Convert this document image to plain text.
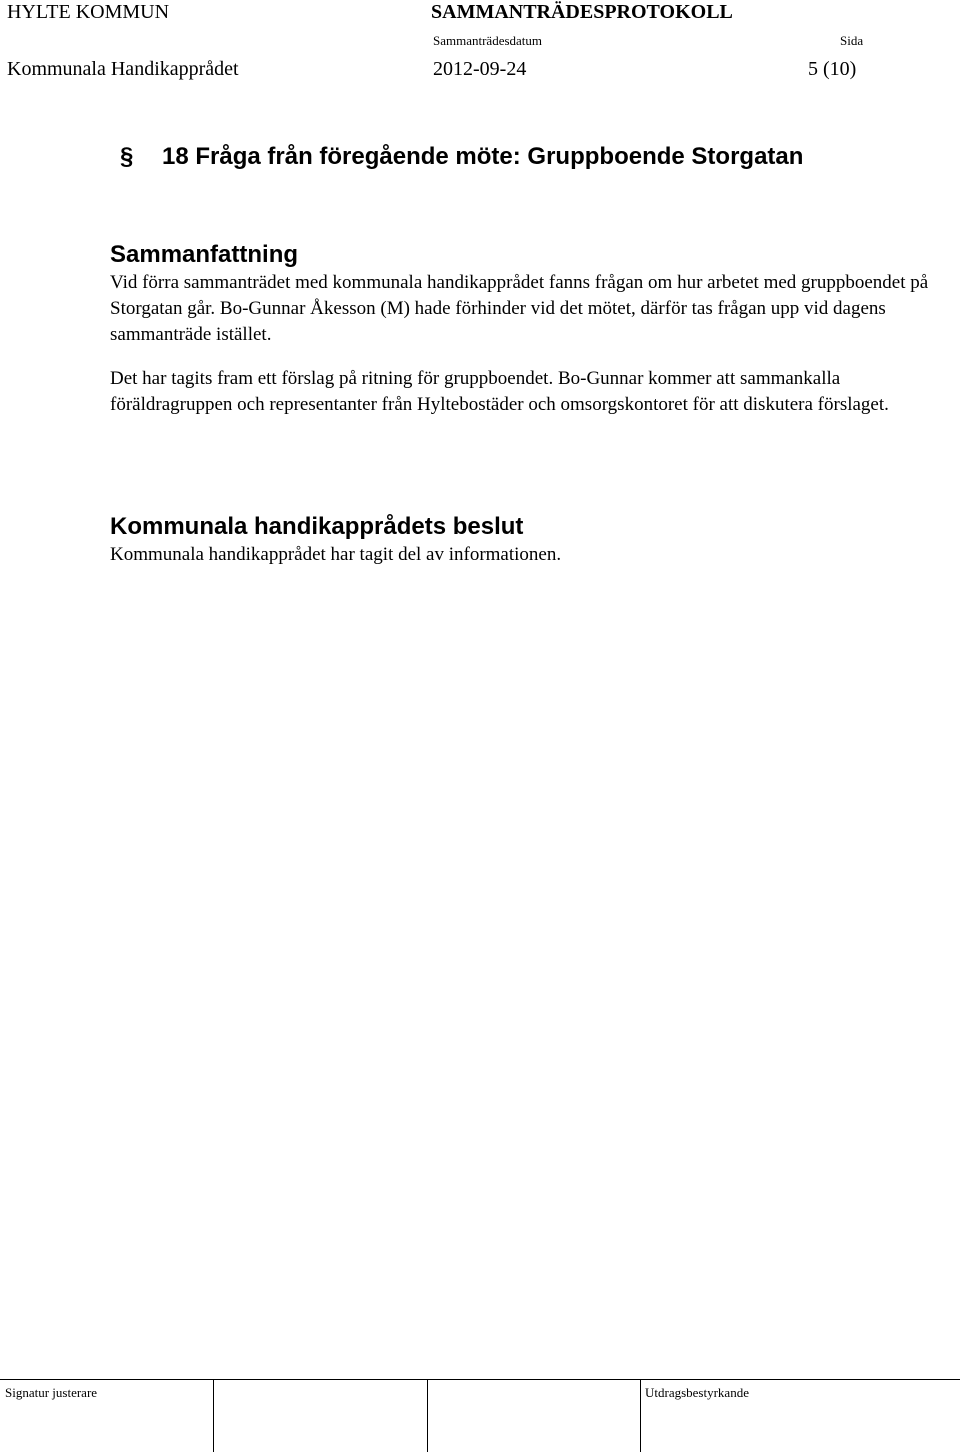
HYLTE KOMMUN	SAMMANTRÄDESPROTOKOLL
Sammanträdesdatum	Sida
Kommunala Handikapprådet	2012-09-24	5 (10)
§ 18 Fråga från föregående möte: Gruppboende Storgatan
Sammanfattning

Vid förra sammanträdet med kommunala handikapprådet fanns frågan om hur arbetet med gruppboendet på Storgatan går. Bo-Gunnar Åkesson (M) hade förhinder vid det mötet, därför tas frågan upp vid dagens sammanträde istället.

Det har tagits fram ett förslag på ritning för gruppboendet. Bo-Gunnar kommer att sammankalla föräldragruppen och representanter från Hyltebostäder och omsorgskontoret för att diskutera förslaget.

Kommunala handikapprådets beslut

Kommunala handikapprådet har tagit del av informationen.

Signatur justerare	Utdragsbestyrkande
